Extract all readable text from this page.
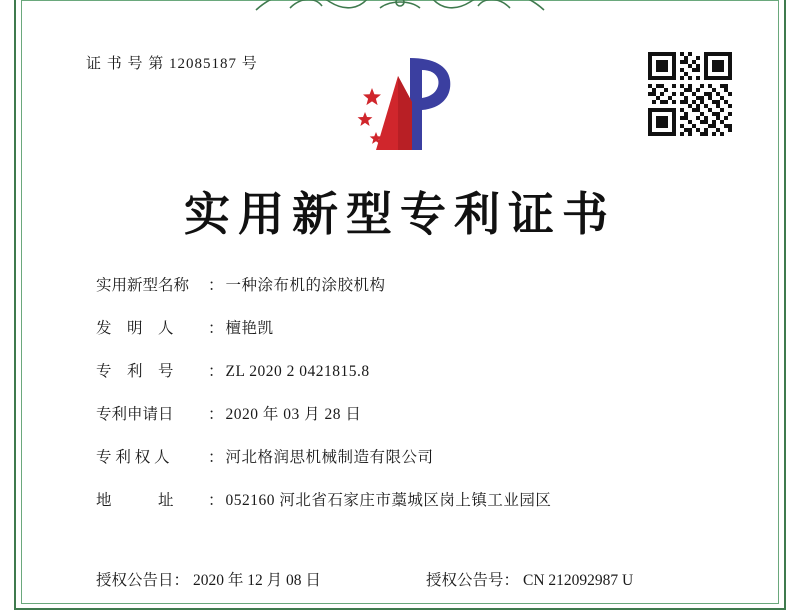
证 书 号 第 12085187 号
实用新型专利证书
实用新型名称	： 一种涂布机的涂胶机构
发　明　人	： 檀艳凯
专　利　号	： ZL 2020 2 0421815.8
专利申请日	： 2020 年 03 月 28 日
专 利 权 人	： 河北格润思机械制造有限公司
地　　　址	： 052160 河北省石家庄市藁城区岗上镇工业园区
授权公告日： 2020 年 12 月 08 日	授权公告号： CN 212092987 U
